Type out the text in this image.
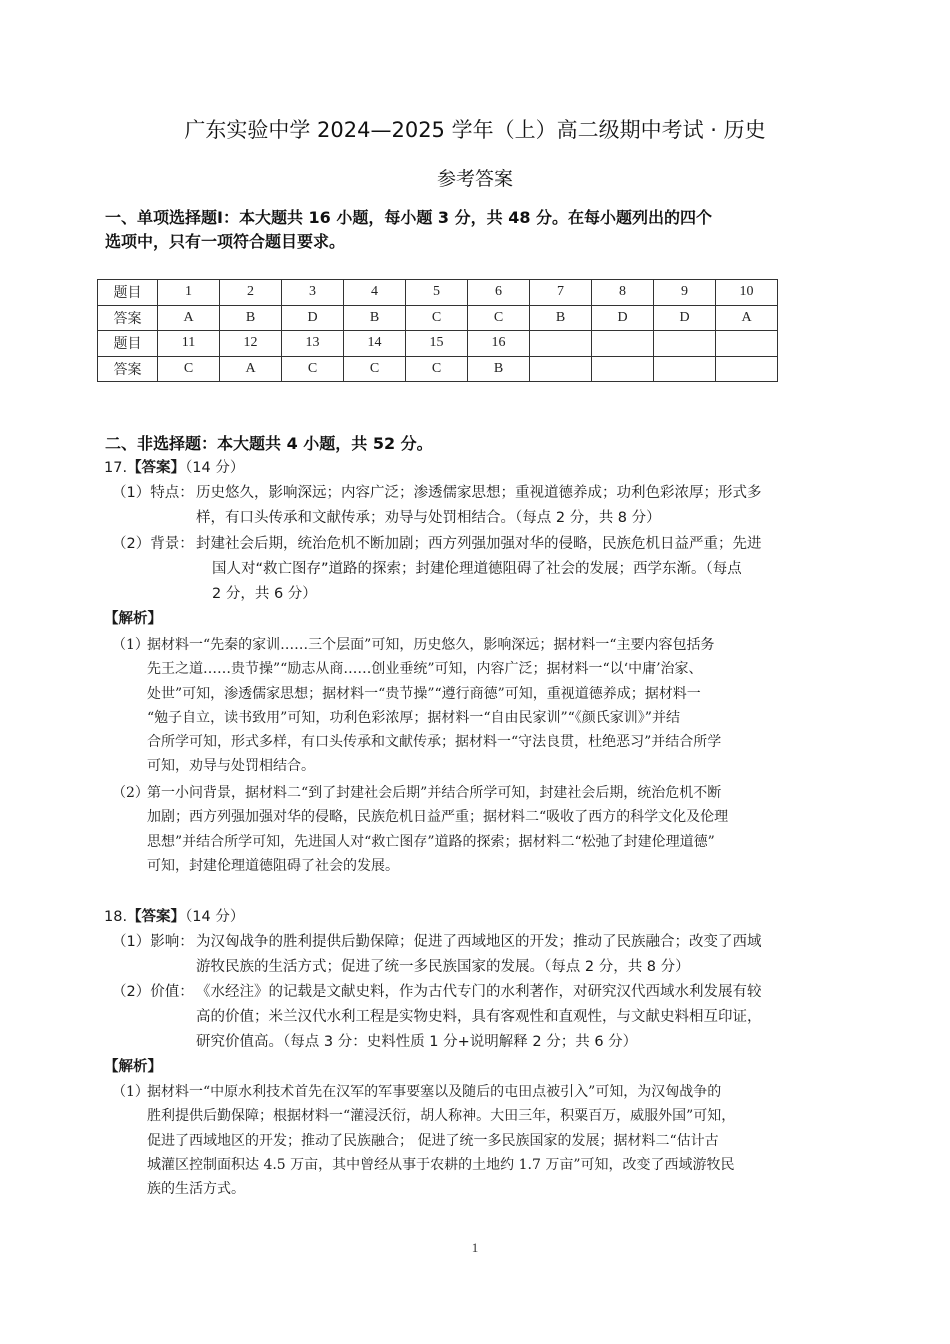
广东实验中学 2024—2025 学年（上）高二级期中考试 · 历史
参考答案
一、单项选择题Ⅰ：本大题共 16 小题，每小题 3 分，共 48 分。在每小题列出的四个
选项中，只有一项符合题目要求。
题目	1	2	3	4	5	6	7	8	9	10
答案	A	B	D	B	C	C	B	D	D	A
题目	11	12	13	14	15	16				
答案	C	A	C	C	C	B				
二、非选择题：本大题共 4 小题，共 52 分。
17.【答案】（14 分）
（1）特点： 历史悠久，影响深远；内容广泛；渗透儒家思想；重视道德养成；功利色彩浓厚；形式多
样，有口头传承和文献传承；劝导与处罚相结合。（每点 2 分，共 8 分）
（2）背景： 封建社会后期，统治危机不断加剧；西方列强加强对华的侵略，民族危机日益严重；先进
国人对“救亡图存”道路的探索；封建伦理道德阻碍了社会的发展；西学东渐。（每点
2 分，共 6 分）
【解析】
（1）
据材料一“先秦的家训……三个层面”可知，历史悠久，影响深远；据材料一“主要内容包括务
先王之道……贵节操”“励志从商……创业垂统”可知，内容广泛；据材料一“以‘中庸’治家、
处世”可知，渗透儒家思想；据材料一“贵节操”“遵行商德”可知，重视道德养成；据材料一
“勉子自立，读书致用”可知，功利色彩浓厚；据材料一“自由民家训”“《颜氏家训》”并结
合所学可知，形式多样，有口头传承和文献传承；据材料一“守法良贯，杜绝恶习”并结合所学
可知，劝导与处罚相结合。
（2）
第一小问背景，据材料二“到了封建社会后期”并结合所学可知，封建社会后期，统治危机不断
加剧；西方列强加强对华的侵略，民族危机日益严重；据材料二“吸收了西方的科学文化及伦理
思想”并结合所学可知，先进国人对“救亡图存”道路的探索；据材料二“松弛了封建伦理道德”
可知，封建伦理道德阻碍了社会的发展。
18.【答案】（14 分）
（1）影响： 为汉匈战争的胜利提供后勤保障；促进了西域地区的开发；推动了民族融合；改变了西域
游牧民族的生活方式；促进了统一多民族国家的发展。（每点 2 分，共 8 分）
（2）价值： 《水经注》的记载是文献史料，作为古代专门的水利著作，对研究汉代西域水利发展有较
高的价值；米兰汉代水利工程是实物史料，具有客观性和直观性，与文献史料相互印证，
研究价值高。（每点 3 分：史料性质 1 分+说明解释 2 分；共 6 分）
【解析】
（1）
据材料一“中原水利技术首先在汉军的军事要塞以及随后的屯田点被引入”可知，为汉匈战争的
胜利提供后勤保障；根据材料一“灌浸沃衍，胡人称神。大田三年，积粟百万，威服外国”可知，
促进了西域地区的开发；推动了民族融合； 促进了统一多民族国家的发展；据材料二“估计古
城灌区控制面积达 4.5 万亩，其中曾经从事于农耕的土地约 1.7 万亩”可知，改变了西域游牧民
族的生活方式。
1
